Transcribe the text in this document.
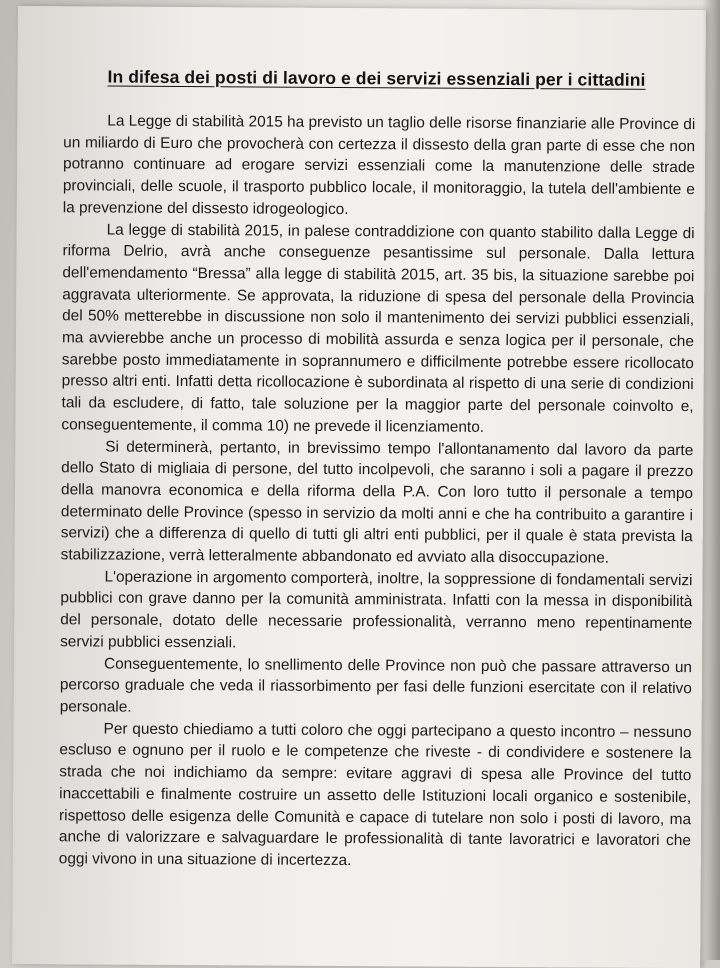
In difesa dei posti di lavoro e dei servizi essenziali per i cittadini

La Legge di stabilità 2015 ha previsto un taglio delle risorse finanziarie alle Province di un miliardo di Euro che provocherà con certezza il dissesto della gran parte di esse che non potranno continuare ad erogare servizi essenziali come la manutenzione delle strade provinciali, delle scuole, il trasporto pubblico locale, il monitoraggio, la tutela dell'ambiente e la prevenzione del dissesto idrogeologico.

La legge di stabilità 2015, in palese contraddizione con quanto stabilito dalla Legge di riforma Delrio, avrà anche conseguenze pesantissime sul personale. Dalla lettura dell'emendamento “Bressa” alla legge di stabilità 2015, art. 35 bis, la situazione sarebbe poi aggravata ulteriormente. Se approvata, la riduzione di spesa del personale della Provincia del 50% metterebbe in discussione non solo il mantenimento dei servizi pubblici essenziali, ma avvierebbe anche un processo di mobilità assurda e senza logica per il personale, che sarebbe posto immediatamente in soprannumero e difficilmente potrebbe essere ricollocato presso altri enti. Infatti detta ricollocazione è subordinata al rispetto di una serie di condizioni tali da escludere, di fatto, tale soluzione per la maggior parte del personale coinvolto e, conseguentemente, il comma 10) ne prevede il licenziamento.

Si determinerà, pertanto, in brevissimo tempo l'allontanamento dal lavoro da parte dello Stato di migliaia di persone, del tutto incolpevoli, che saranno i soli a pagare il prezzo della manovra economica e della riforma della P.A. Con loro tutto il personale a tempo determinato delle Province (spesso in servizio da molti anni e che ha contribuito a garantire i servizi) che a differenza di quello di tutti gli altri enti pubblici, per il quale è stata prevista la stabilizzazione, verrà letteralmente abbandonato ed avviato alla disoccupazione.

L'operazione in argomento comporterà, inoltre, la soppressione di fondamentali servizi pubblici con grave danno per la comunità amministrata. Infatti con la messa in disponibilità del personale, dotato delle necessarie professionalità, verranno meno repentinamente servizi pubblici essenziali.

Conseguentemente, lo snellimento delle Province non può che passare attraverso un percorso graduale che veda il riassorbimento per fasi delle funzioni esercitate con il relativo personale.

Per questo chiediamo a tutti coloro che oggi partecipano a questo incontro – nessuno escluso e ognuno per il ruolo e le competenze che riveste - di condividere e sostenere la strada che noi indichiamo da sempre: evitare aggravi di spesa alle Province del tutto inaccettabili e finalmente costruire un assetto delle Istituzioni locali organico e sostenibile, rispettoso delle esigenza delle Comunità e capace di tutelare non solo i posti di lavoro, ma anche di valorizzare e salvaguardare le professionalità di tante lavoratrici e lavoratori che oggi vivono in una situazione di incertezza.
